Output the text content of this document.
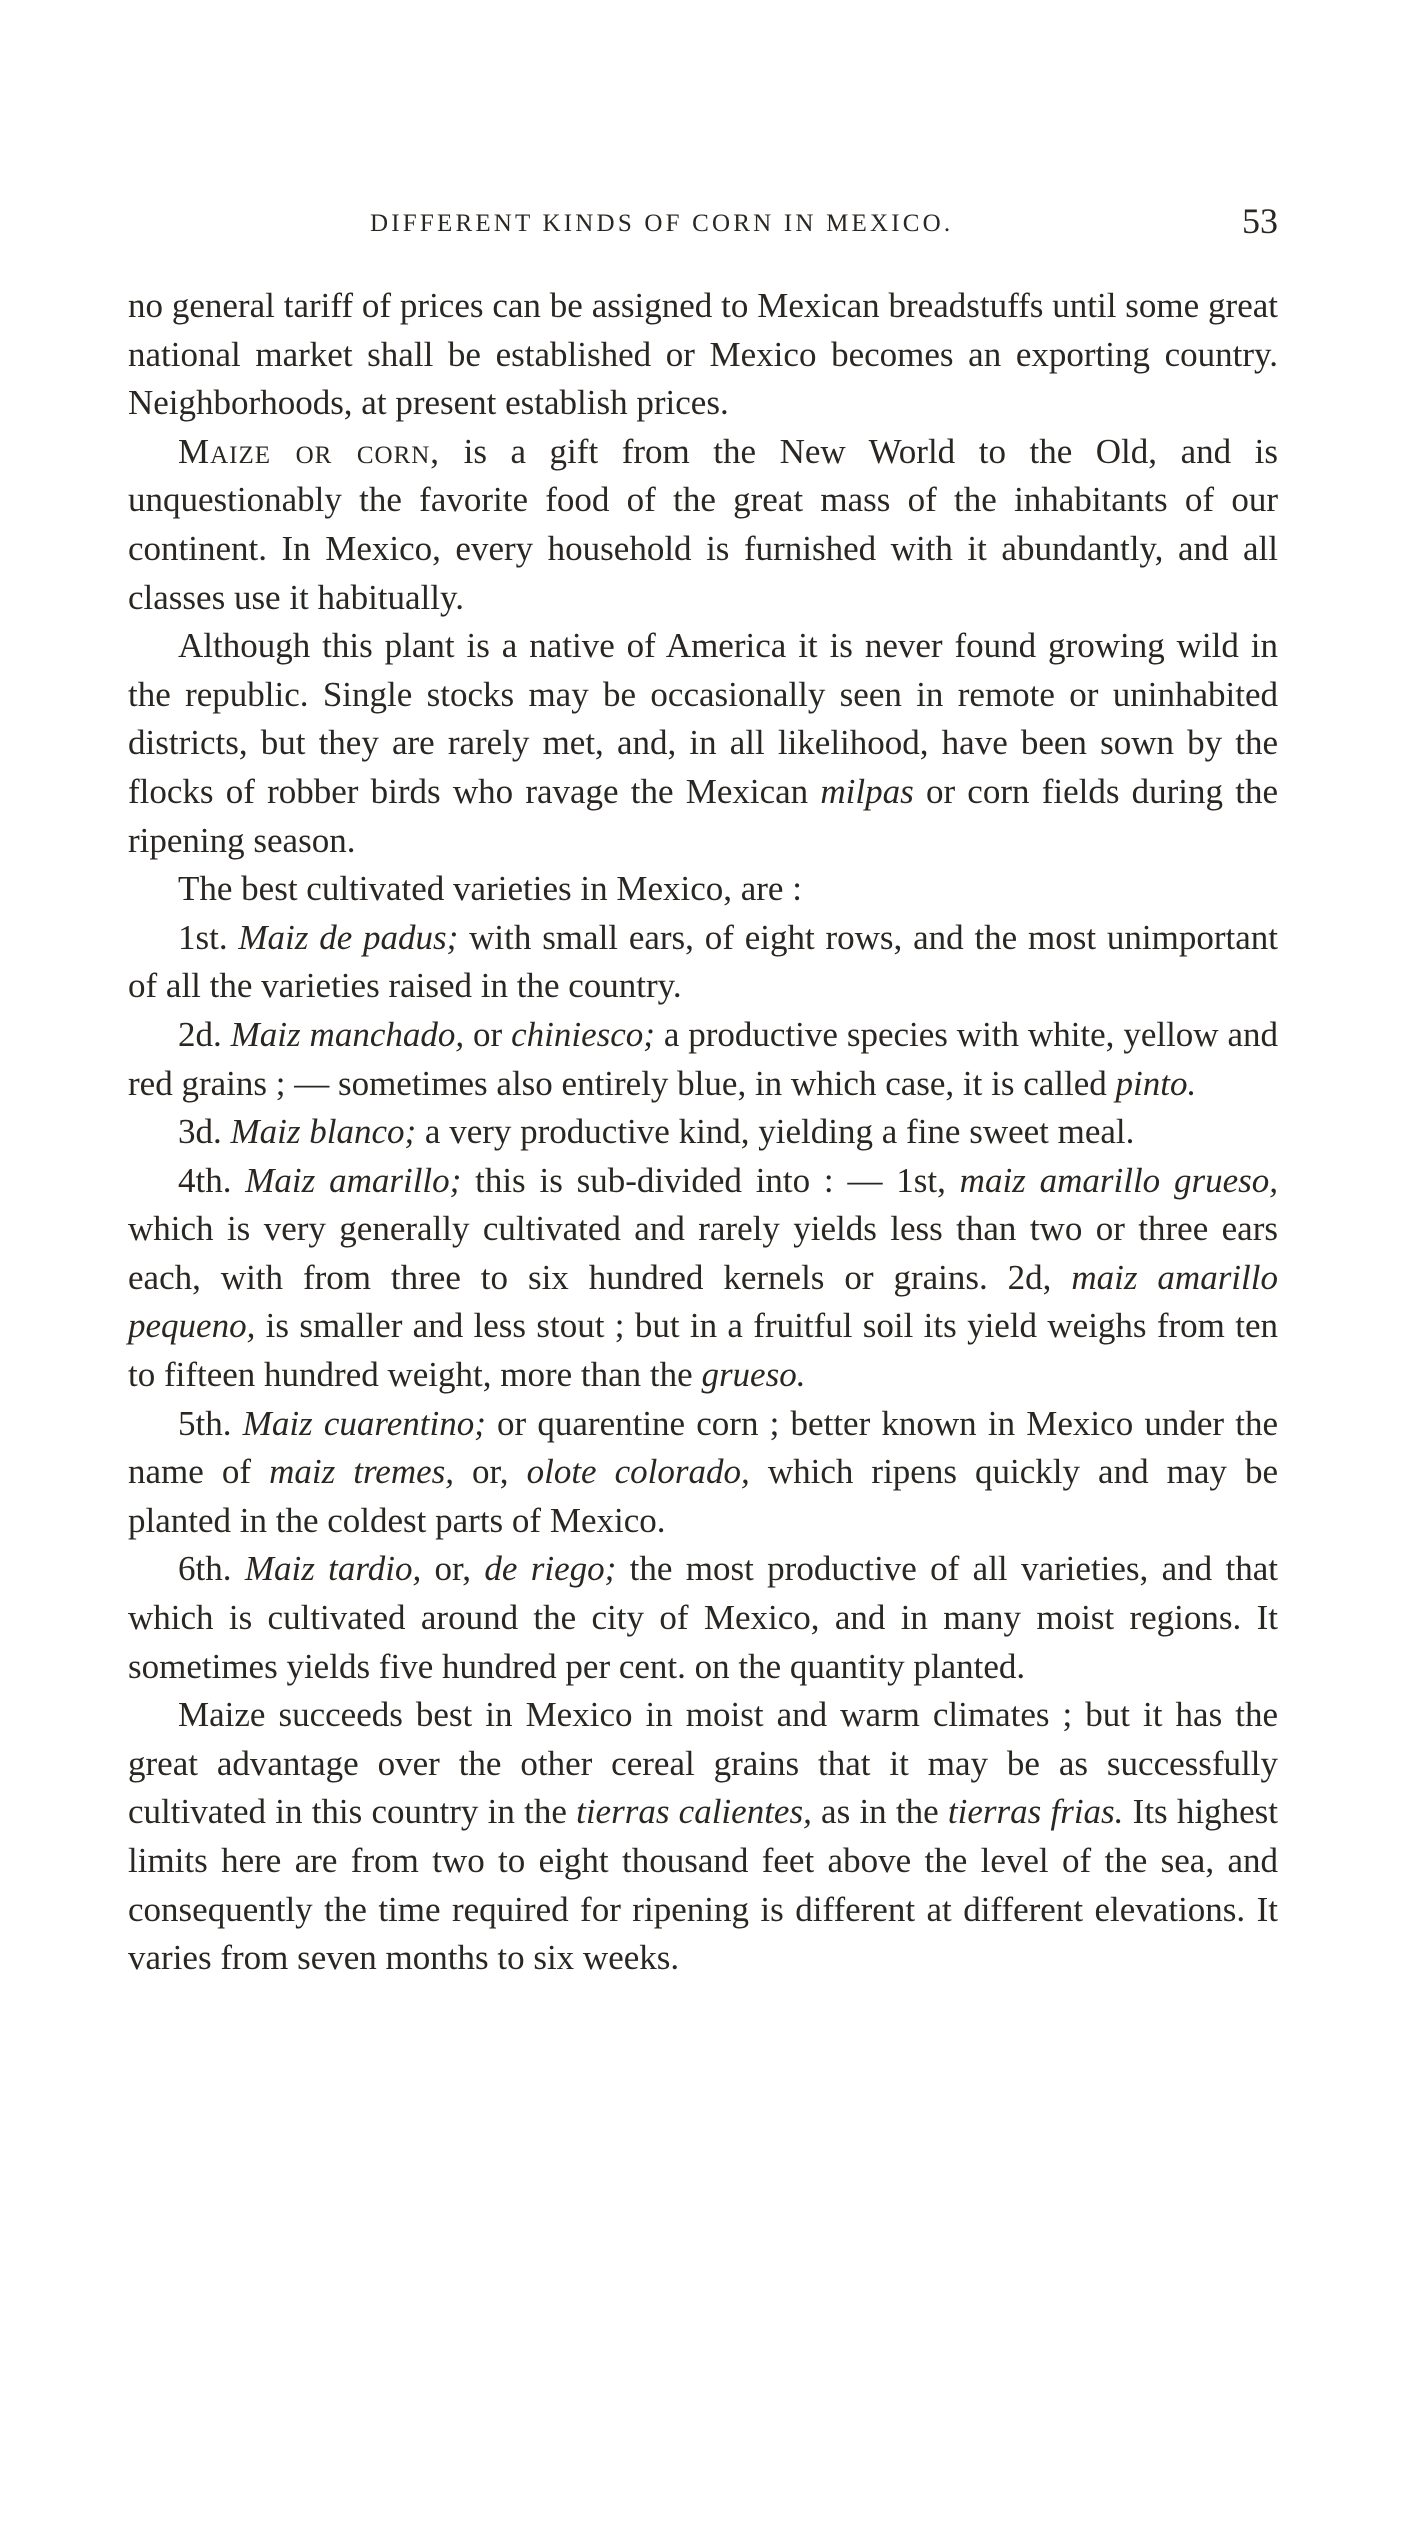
DIFFERENT KINDS OF CORN IN MEXICO.	53

no general tariff of prices can be assigned to Mexican breadstuffs until some great national market shall be established or Mexico becomes an exporting country. Neighborhoods, at present establish prices.

Maize or corn, is a gift from the New World to the Old, and is unquestionably the favorite food of the great mass of the inhabitants of our continent. In Mexico, every household is furnished with it abundantly, and all classes use it habitually.

Although this plant is a native of America it is never found growing wild in the republic. Single stocks may be occasionally seen in remote or uninhabited districts, but they are rarely met, and, in all likelihood, have been sown by the flocks of robber birds who ravage the Mexican milpas or corn fields during the ripening season.

The best cultivated varieties in Mexico, are :

1st. Maiz de padus; with small ears, of eight rows, and the most unimportant of all the varieties raised in the country.

2d. Maiz manchado, or chiniesco; a productive species with white, yellow and red grains ; — sometimes also entirely blue, in which case, it is called pinto.

3d. Maiz blanco; a very productive kind, yielding a fine sweet meal.

4th. Maiz amarillo; this is sub-divided into : — 1st, maiz amarillo grueso, which is very generally cultivated and rarely yields less than two or three ears each, with from three to six hundred kernels or grains. 2d, maiz amarillo pequeno, is smaller and less stout ; but in a fruitful soil its yield weighs from ten to fifteen hundred weight, more than the grueso.

5th. Maiz cuarentino; or quarentine corn ; better known in Mexico under the name of maiz tremes, or, olote colorado, which ripens quickly and may be planted in the coldest parts of Mexico.

6th. Maiz tardio, or, de riego; the most productive of all varieties, and that which is cultivated around the city of Mexico, and in many moist regions. It sometimes yields five hundred per cent. on the quantity planted.

Maize succeeds best in Mexico in moist and warm climates ; but it has the great advantage over the other cereal grains that it may be as successfully cultivated in this country in the tierras calientes, as in the tierras frias. Its highest limits here are from two to eight thousand feet above the level of the sea, and consequently the time required for ripening is different at different elevations. It varies from seven months to six weeks.
